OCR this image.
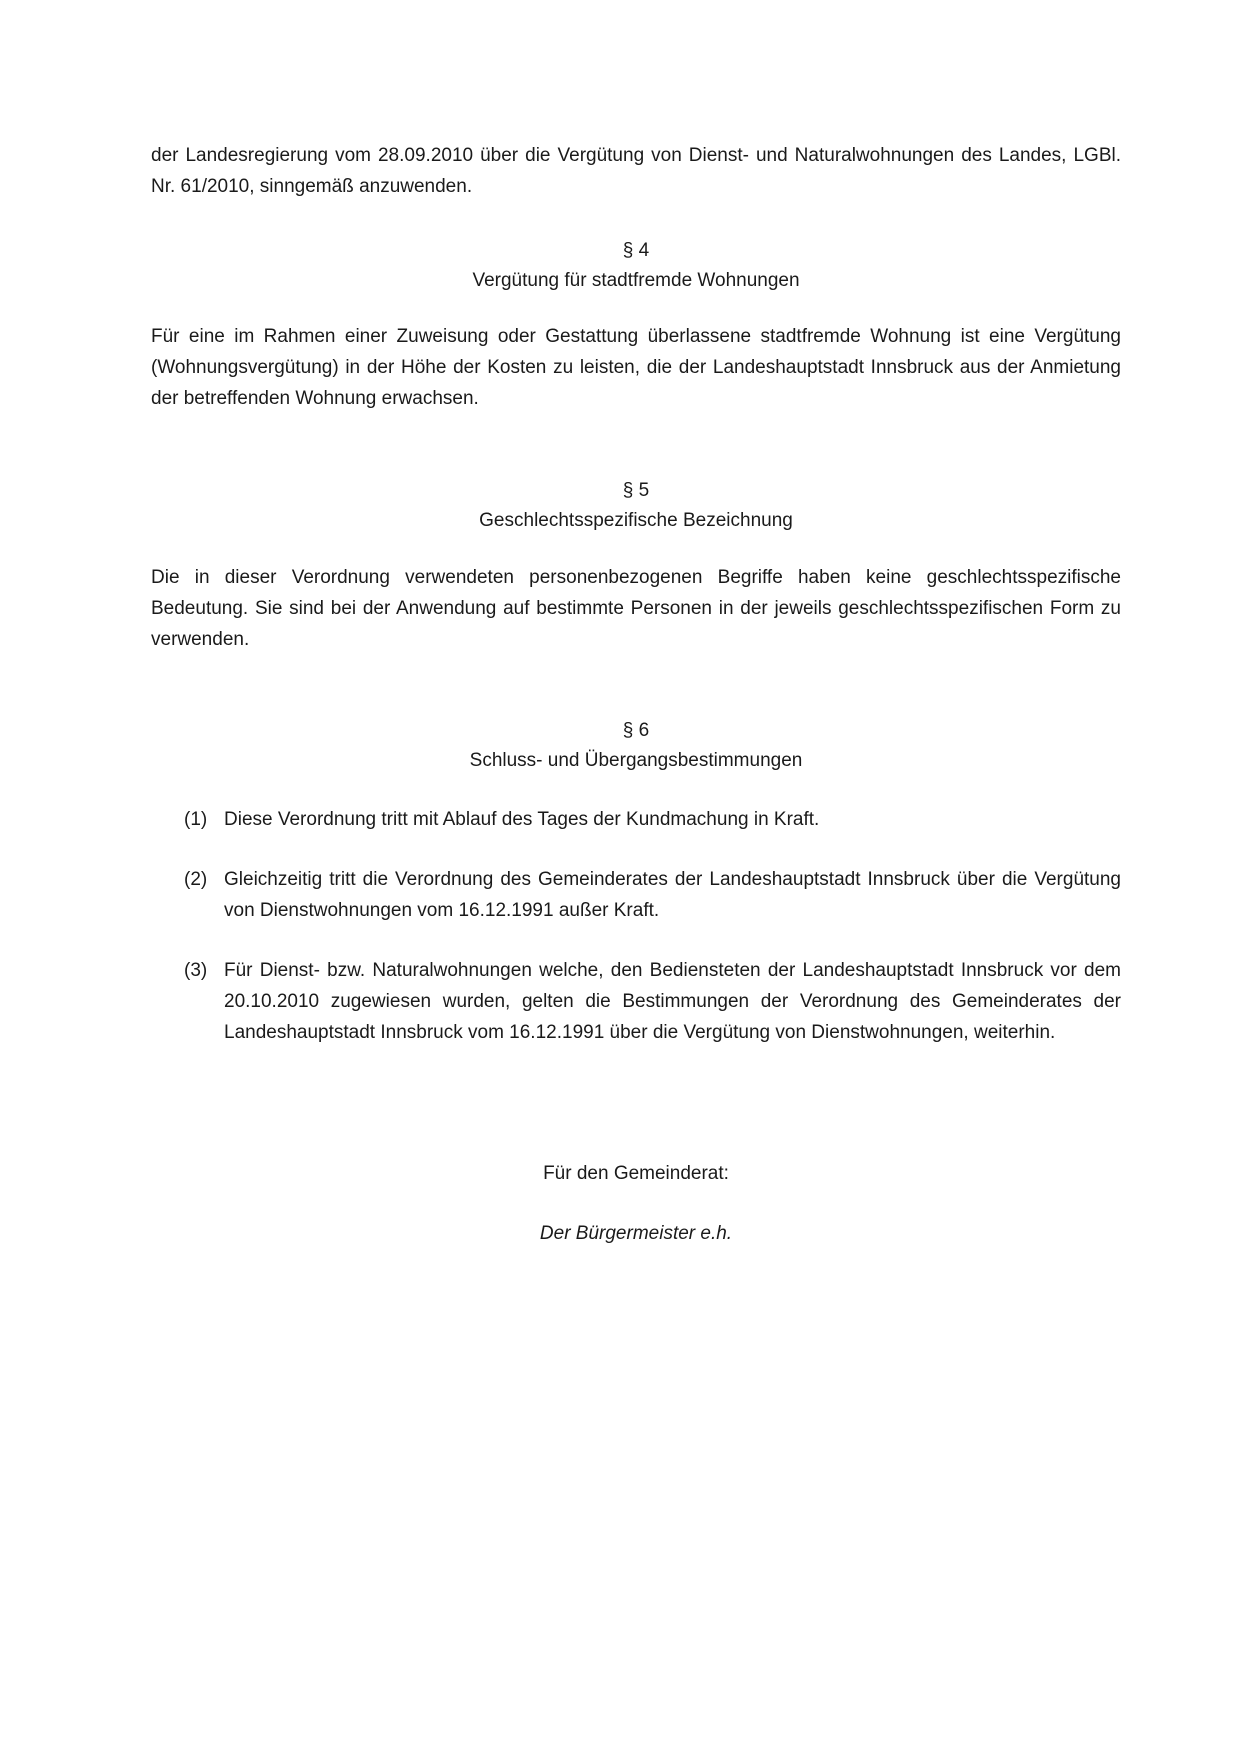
der Landesregierung vom 28.09.2010 über die Vergütung von Dienst- und Naturalwohnungen des Landes, LGBl. Nr. 61/2010, sinngemäß anzuwenden.

§ 4

Vergütung für stadtfremde Wohnungen

Für eine im Rahmen einer Zuweisung oder Gestattung überlassene stadtfremde Wohnung ist eine Vergütung (Wohnungsvergütung) in der Höhe der Kosten zu leisten, die der Landeshauptstadt Innsbruck aus der Anmietung der betreffenden Wohnung erwachsen.

§ 5

Geschlechtsspezifische Bezeichnung

Die in dieser Verordnung verwendeten personenbezogenen Begriffe haben keine geschlechtsspezifische Bedeutung. Sie sind bei der Anwendung auf bestimmte Personen in der jeweils geschlechtsspezifischen Form zu verwenden.

§ 6

Schluss- und Übergangsbestimmungen

(1) Diese Verordnung tritt mit Ablauf des Tages der Kundmachung in Kraft.
(2) Gleichzeitig tritt die Verordnung des Gemeinderates der Landeshauptstadt Innsbruck über die Vergütung von Dienstwohnungen vom 16.12.1991 außer Kraft.
(3) Für Dienst- bzw. Naturalwohnungen welche, den Bediensteten der Landeshauptstadt Innsbruck vor dem 20.10.2010 zugewiesen wurden, gelten die Bestimmungen der Verordnung des Gemeinderates der Landeshauptstadt Innsbruck vom 16.12.1991 über die Vergütung von Dienstwohnungen, weiterhin.

Für den Gemeinderat:

Der Bürgermeister e.h.
